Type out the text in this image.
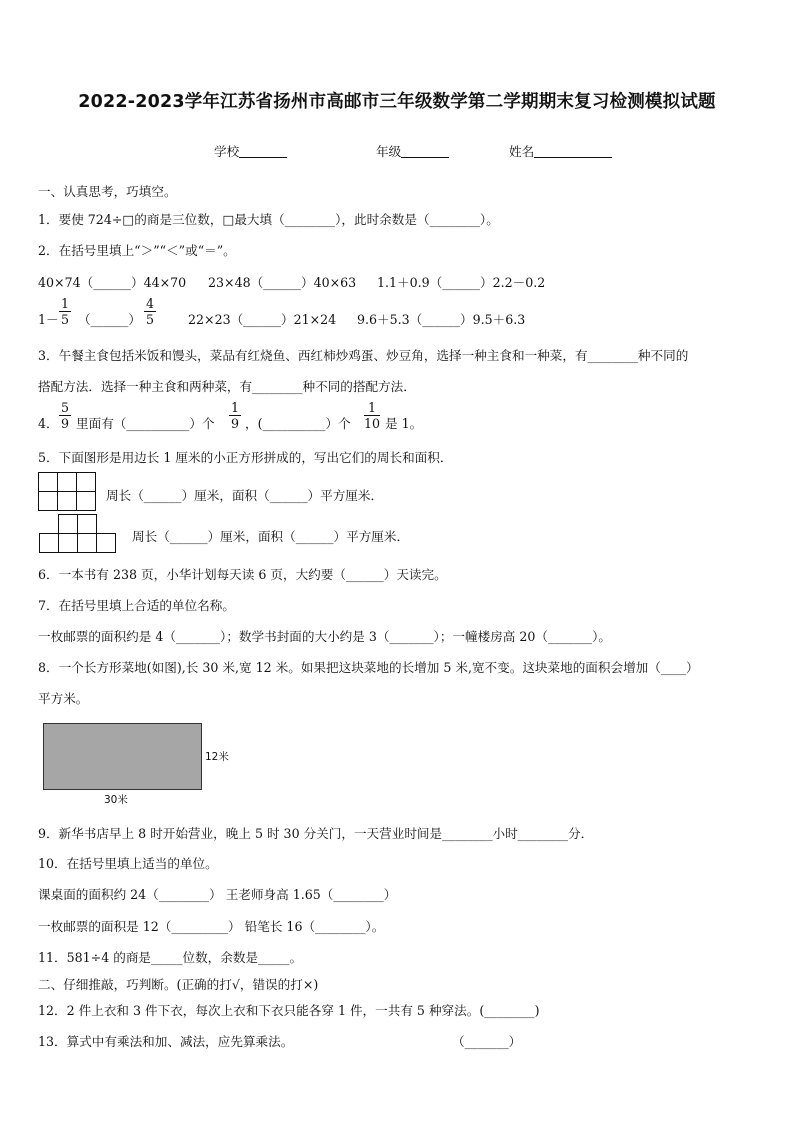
2022-2023学年江苏省扬州市高邮市三年级数学第二学期期末复习检测模拟试题
学校	年级	姓名
一、认真思考，巧填空。
1．要使 724÷□的商是三位数，□最大填（________），此时余数是（________）。
2．在括号里填上“＞”“＜”或“＝”。
40×74（______）44×70 23×48（______）40×63 1.1＋0.9（______）2.2－0.2
1－
1
5 （______）
4
5	22×23（______）21×24 9.6＋5.3（______）9.5＋6.3
3．午餐主食包括米饭和馒头，菜品有红烧鱼、西红柿炒鸡蛋、炒豆角，选择一种主食和一种菜，有________种不同的
搭配方法．选择一种主食和两种菜，有________种不同的搭配方法．
4．
5
9 里面有（__________）个
1
9 ，(__________）个
1
10 是 1。
5．下面图形是用边长 1 厘米的小正方形拼成的，写出它们的周长和面积．
周长（______）厘米，面积（______）平方厘米．
周长（______）厘米，面积（______）平方厘米．
6．一本书有 238 页，小华计划每天读 6 页，大约要（______）天读完。
7．在括号里填上合适的单位名称。
一枚邮票的面积约是 4（_______）；数学书封面的大小约是 3（_______）；一幢楼房高 20（_______）。
8．一个长方形菜地(如图),长 30 米,宽 12 米。如果把这块菜地的长增加 5 米,宽不变。这块菜地的面积会增加（____）
平方米。
12米
30米
9．新华书店早上 8 时开始营业，晚上 5 时 30 分关门，一天营业时间是________小时________分．
10．在括号里填上适当的单位。
课桌面的面积约 24（________） 王老师身高 1.65（________）
一枚邮票的面积是 12（_________） 铅笔长 16（________）。
11．581÷4 的商是_____位数，余数是_____。
二、仔细推敲，巧判断。(正确的打√，错误的打×)
12．2 件上衣和 3 件下衣，每次上衣和下衣只能各穿 1 件，一共有 5 种穿法。(________)
13．算式中有乘法和加、减法，应先算乘法。	（_______）
